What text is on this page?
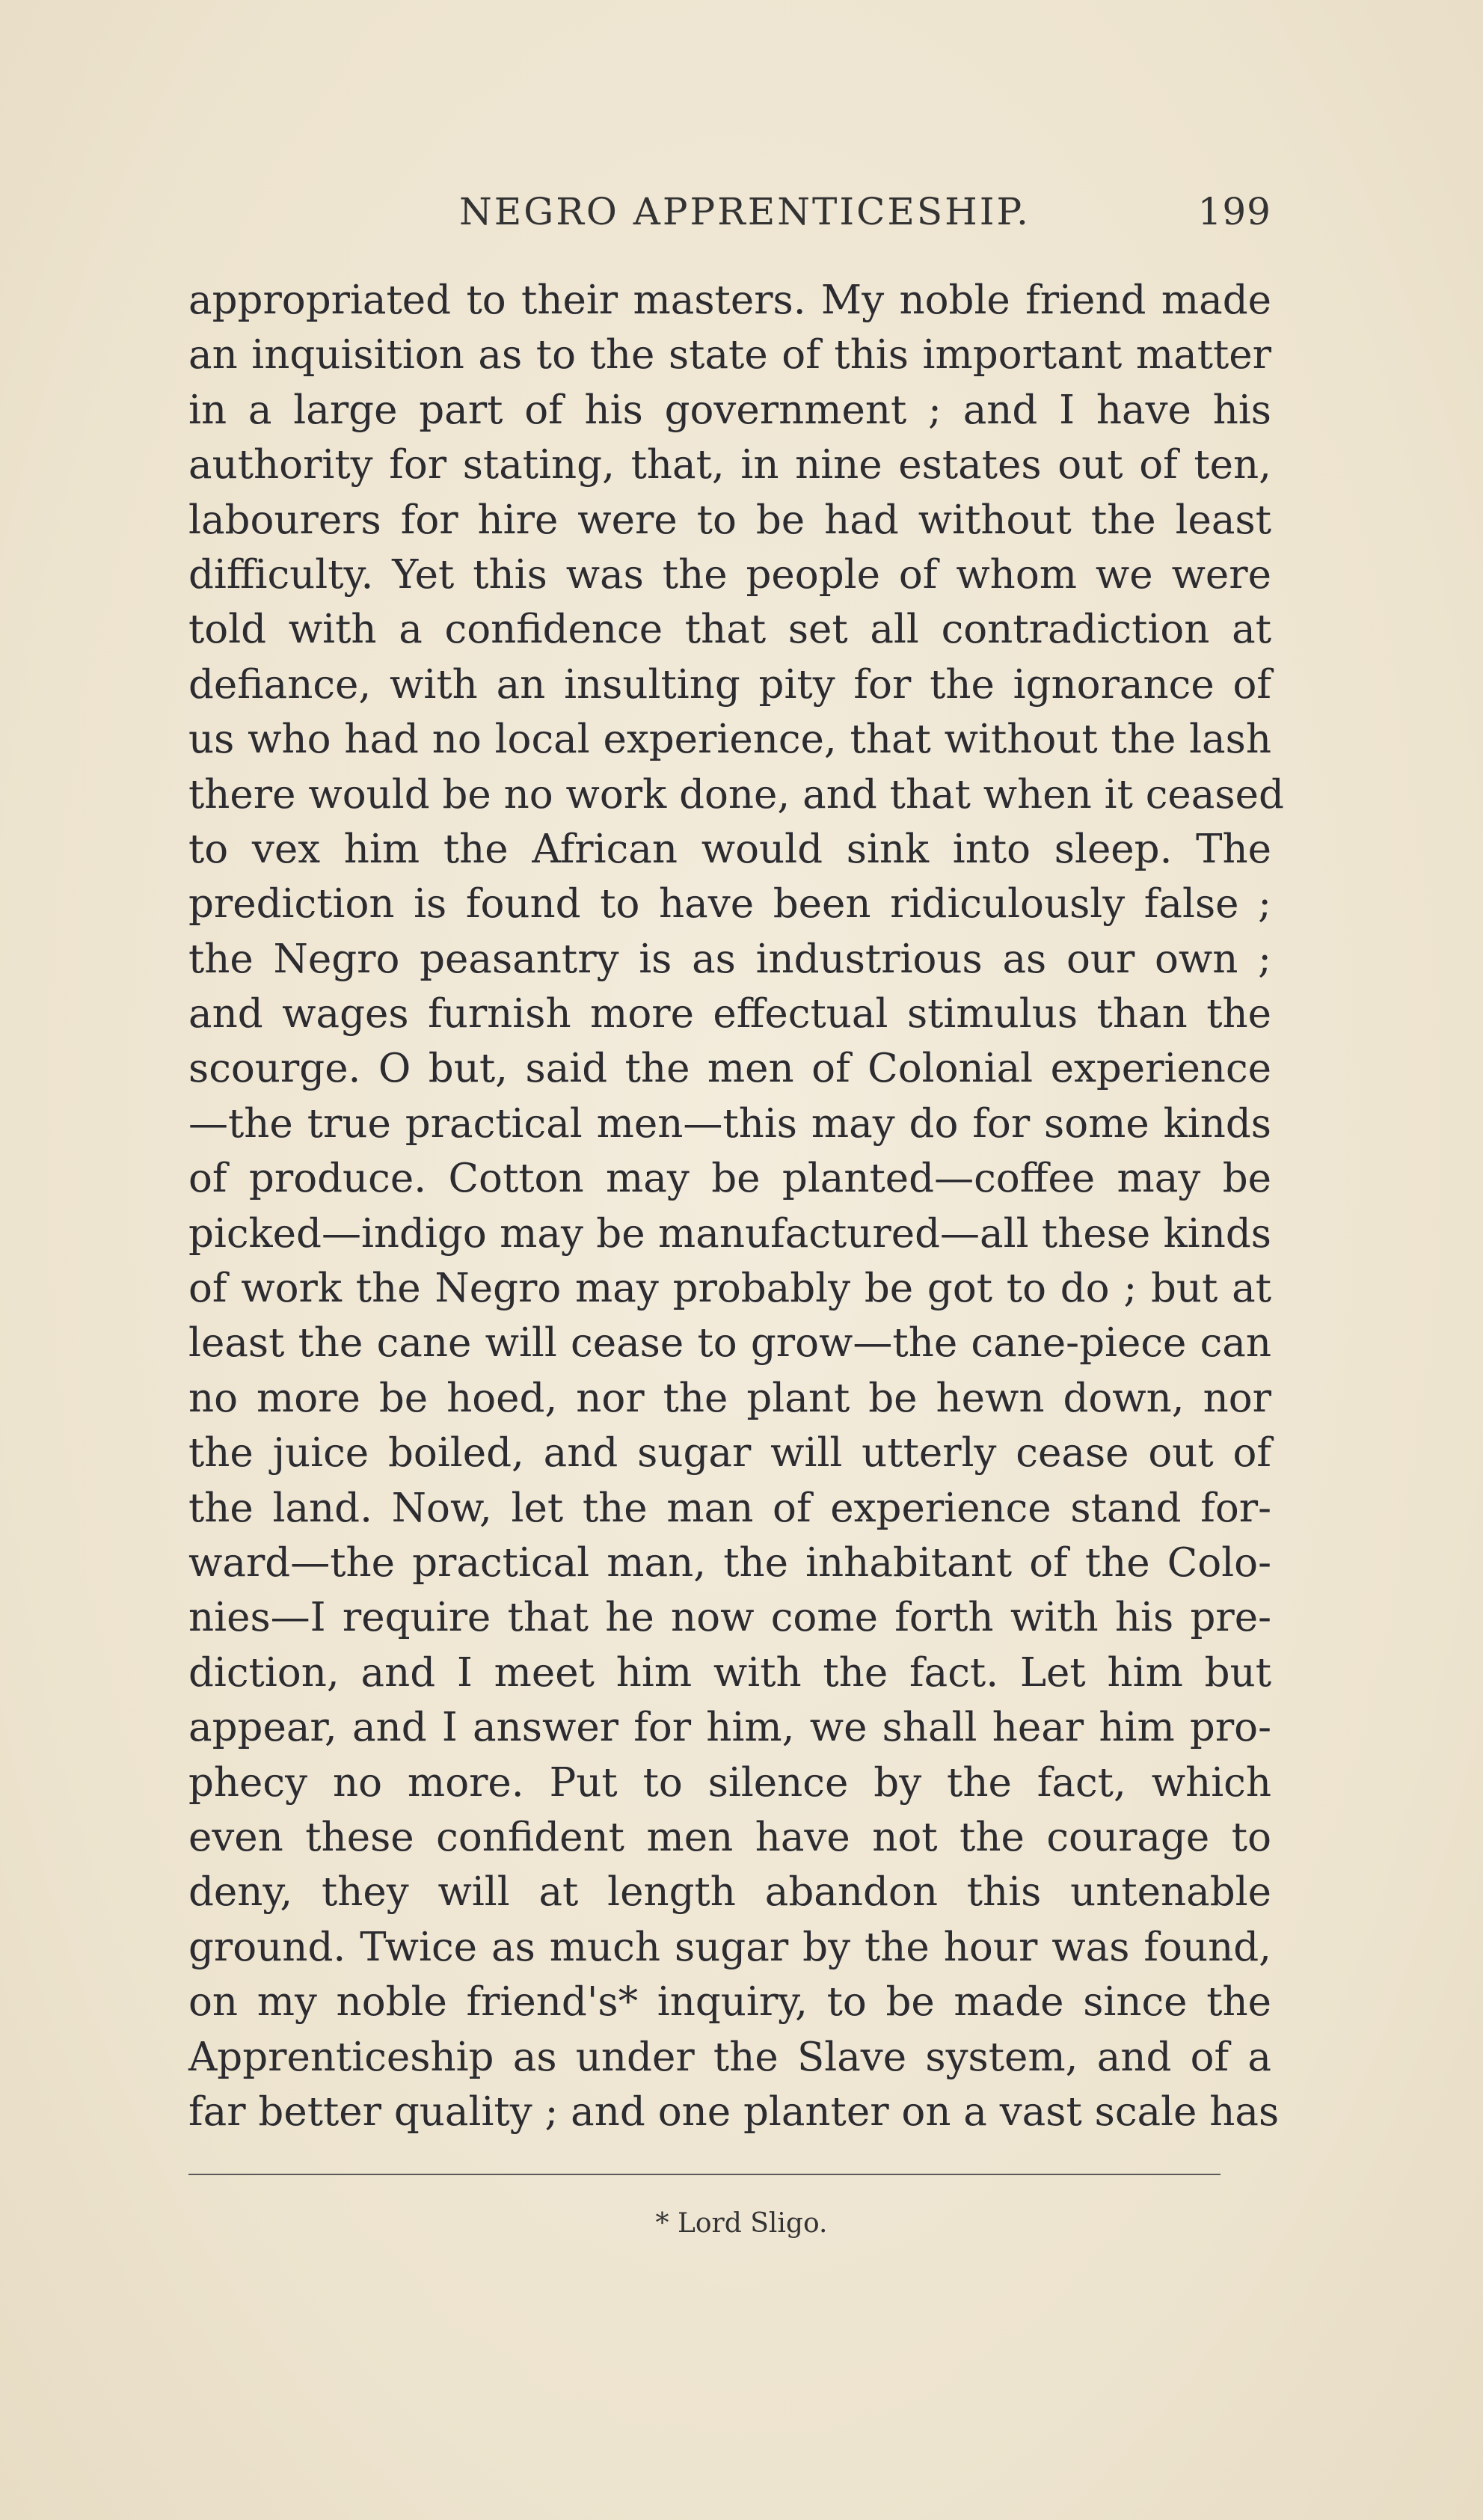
NEGRO APPRENTICESHIP.	199
appropriated to their masters. My noble friend made
an inquisition as to the state of this important matter
in a large part of his government ; and I have his
authority for stating, that, in nine estates out of ten,
labourers for hire were to be had without the least
difficulty. Yet this was the people of whom we were
told with a confidence that set all contradiction at
defiance, with an insulting pity for the ignorance of
us who had no local experience, that without the lash
there would be no work done, and that when it ceased
to vex him the African would sink into sleep. The
prediction is found to have been ridiculously false ;
the Negro peasantry is as industrious as our own ;
and wages furnish more effectual stimulus than the
scourge. O but, said the men of Colonial experience
—the true practical men—this may do for some kinds
of produce. Cotton may be planted—coffee may be
picked—indigo may be manufactured—all these kinds
of work the Negro may probably be got to do ; but at
least the cane will cease to grow—the cane-piece can
no more be hoed, nor the plant be hewn down, nor
the juice boiled, and sugar will utterly cease out of
the land. Now, let the man of experience stand for-
ward—the practical man, the inhabitant of the Colo-
nies—I require that he now come forth with his pre-
diction, and I meet him with the fact. Let him but
appear, and I answer for him, we shall hear him pro-
phecy no more. Put to silence by the fact, which
even these confident men have not the courage to
deny, they will at length abandon this untenable
ground. Twice as much sugar by the hour was found,
on my noble friend's* inquiry, to be made since the
Apprenticeship as under the Slave system, and of a
far better quality ; and one planter on a vast scale has
* Lord Sligo.
